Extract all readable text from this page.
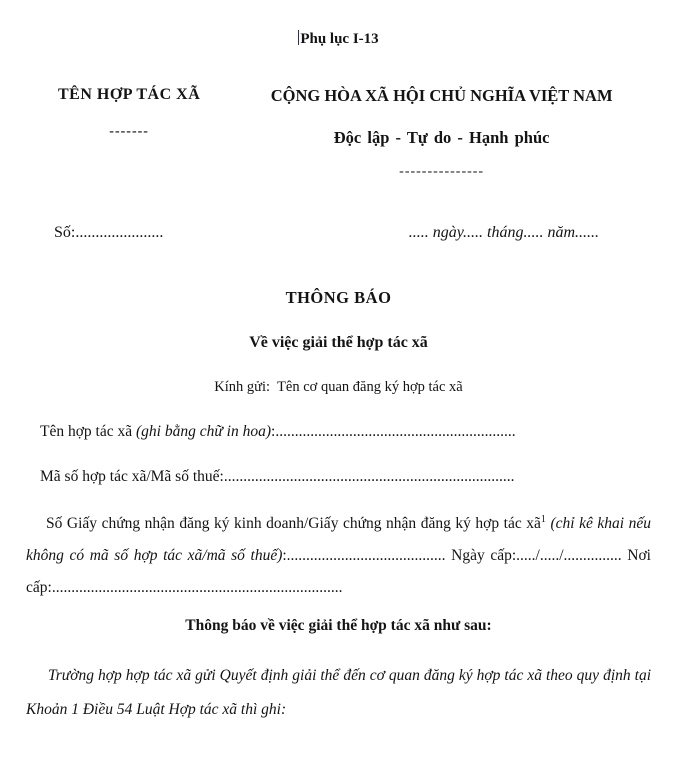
Phụ lục I-13
TÊN HỢP TÁC XÃ
-------
CỘNG HÒA XÃ HỘI CHỦ NGHĨA VIỆT NAM
Độc lập - Tự do - Hạnh phúc
---------------
Số:......................	..... ngày..... tháng..... năm......
THÔNG BÁO
Về việc giải thể hợp tác xã
Kính gửi:  Tên cơ quan đăng ký hợp tác xã
Tên hợp tác xã (ghi bằng chữ in hoa):..............................................................
Mã số hợp tác xã/Mã số thuế:...........................................................................

Số Giấy chứng nhận đăng ký kinh doanh/Giấy chứng nhận đăng ký hợp tác $xã^1$ (chỉ kê khai nếu không có mã số hợp tác xã/mã số thuế):......................................... Ngày cấp:...../...../............... Nơi cấp:...........................................................................

Thông báo về việc giải thể hợp tác xã như sau:

Trường hợp hợp tác xã gửi Quyết định giải thể đến cơ quan đăng ký hợp tác xã theo quy định tại Khoản 1 Điều 54 Luật Hợp tác xã thì ghi:
